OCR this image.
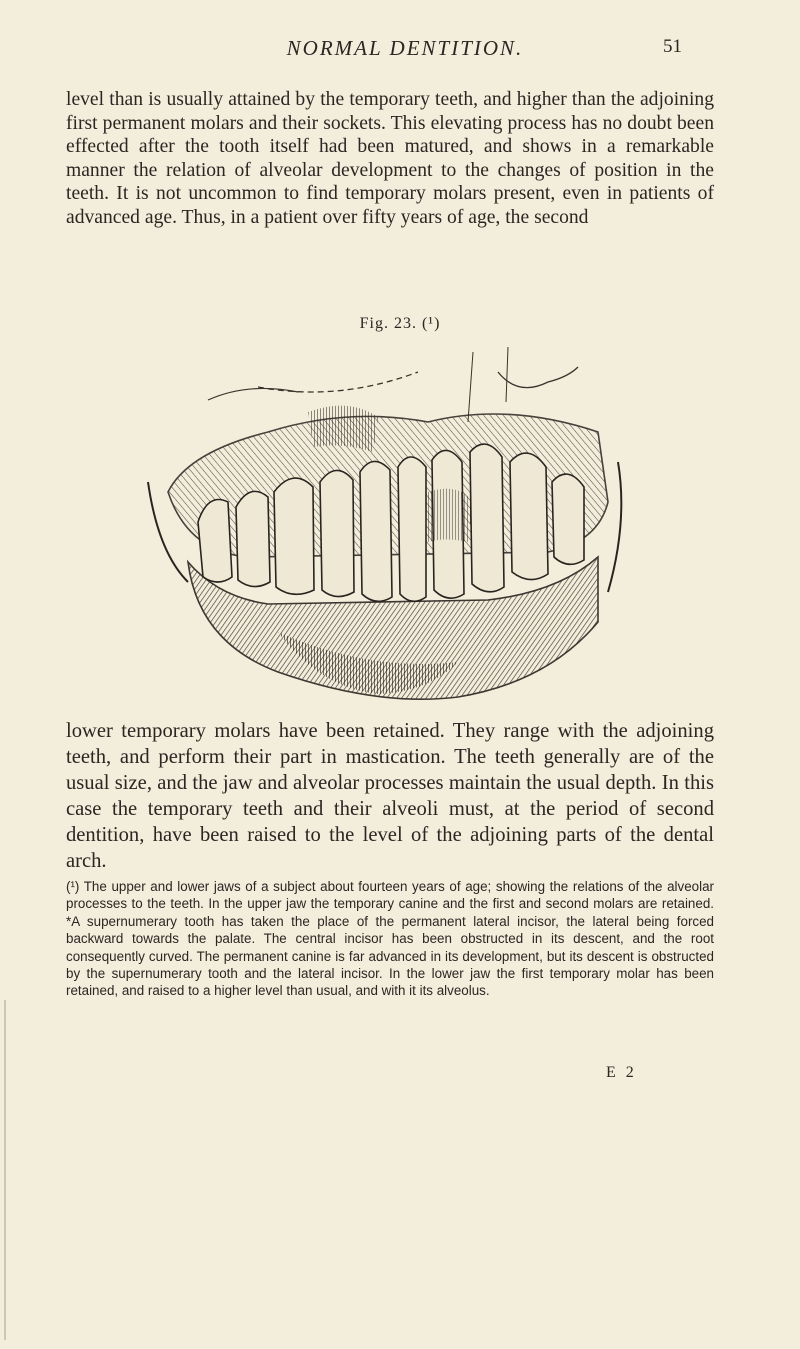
NORMAL DENTITION.	51

level than is usually attained by the temporary teeth, and higher than the adjoining first permanent molars and their sockets. This elevating process has no doubt been effected after the tooth itself had been matured, and shows in a remarkable manner the relation of alveolar development to the changes of position in the teeth. It is not uncommon to find temporary molars present, even in patients of advanced age. Thus, in a patient over fifty years of age, the second

Fig. 23. (¹)

lower temporary molars have been retained. They range with the adjoining teeth, and perform their part in mastication. The teeth generally are of the usual size, and the jaw and alveolar processes maintain the usual depth. In this case the temporary teeth and their alveoli must, at the period of second dentition, have been raised to the level of the adjoining parts of the dental arch.

(¹) The upper and lower jaws of a subject about fourteen years of age; showing the relations of the alveolar processes to the teeth. In the upper jaw the temporary canine and the first and second molars are retained. *A supernumerary tooth has taken the place of the permanent lateral incisor, the lateral being forced backward towards the palate. The central incisor has been obstructed in its descent, and the root consequently curved. The permanent canine is far advanced in its development, but its descent is obstructed by the supernumerary tooth and the lateral incisor. In the lower jaw the first temporary molar has been retained, and raised to a higher level than usual, and with it its alveolus.

E 2
